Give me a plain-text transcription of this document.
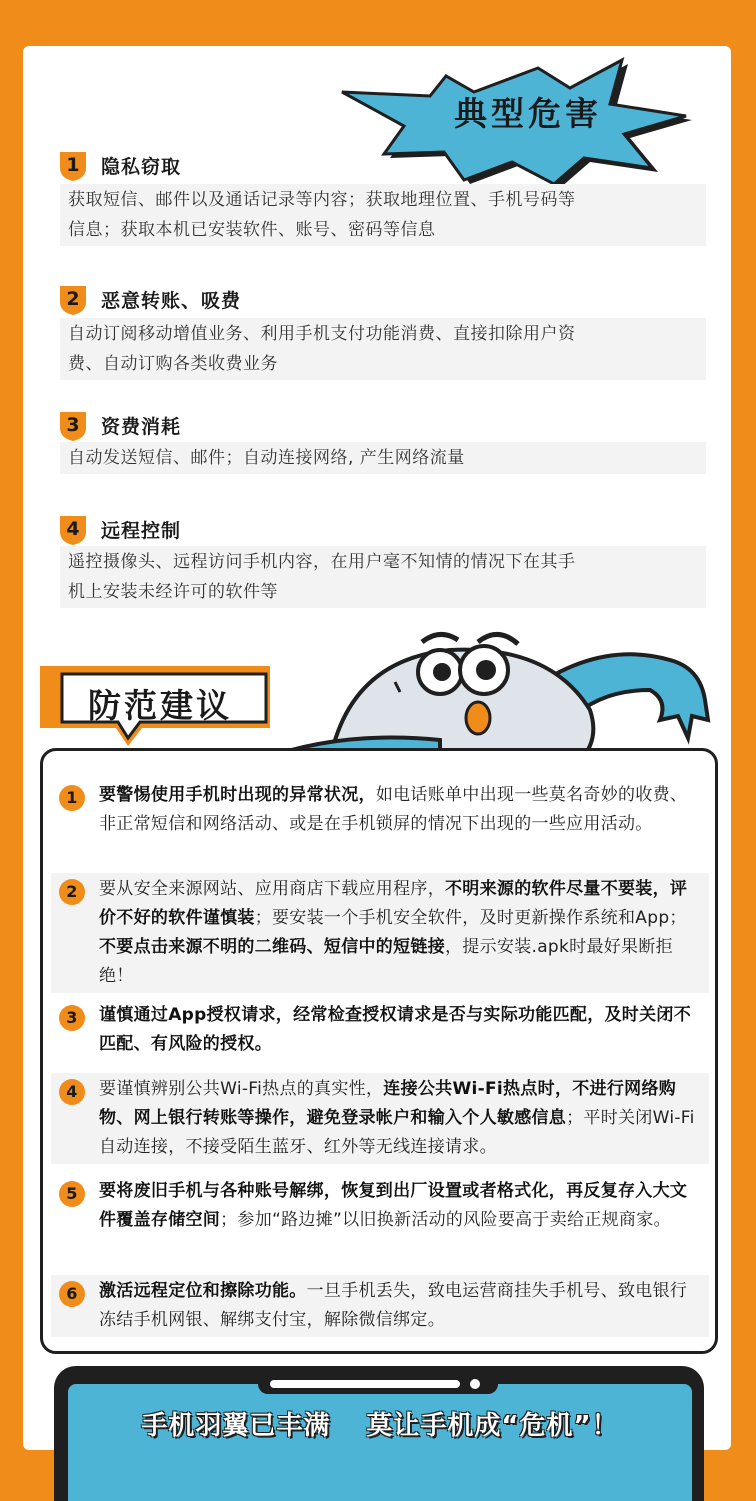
典型危害
1	隐私窃取
获取短信、邮件以及通话记录等内容；获取地理位置、手机号码等
信息；获取本机已安装软件、账号、密码等信息
2	恶意转账、吸费
自动订阅移动增值业务、利用手机支付功能消费、直接扣除用户资
费、自动订购各类收费业务
3	资费消耗
自动发送短信、邮件；自动连接网络, 产生网络流量
4	远程控制
遥控摄像头、远程访问手机内容，在用户毫不知情的情况下在其手
机上安装未经许可的软件等
防范建议
1	要警惕使用手机时出现的异常状况，如电话账单中出现一些莫名奇妙的收费、非正常短信和网络活动、或是在手机锁屏的情况下出现的一些应用活动。
2	要从安全来源网站、应用商店下载应用程序，不明来源的软件尽量不要装，评价不好的软件谨慎装；要安装一个手机安全软件，及时更新操作系统和App；不要点击来源不明的二维码、短信中的短链接，提示安装.apk时最好果断拒绝！
3	谨慎通过App授权请求，经常检查授权请求是否与实际功能匹配，及时关闭不匹配、有风险的授权。
4	要谨慎辨别公共Wi-Fi热点的真实性，连接公共Wi-Fi热点时，不进行网络购物、网上银行转账等操作，避免登录帐户和输入个人敏感信息；平时关闭Wi-Fi自动连接，不接受陌生蓝牙、红外等无线连接请求。
5	要将废旧手机与各种账号解绑，恢复到出厂设置或者格式化，再反复存入大文件覆盖存储空间；参加“路边摊”以旧换新活动的风险要高于卖给正规商家。
6	激活远程定位和擦除功能。一旦手机丢失，致电运营商挂失手机号、致电银行冻结手机网银、解绑支付宝，解除微信绑定。
手机羽翼已丰满 莫让手机成“危机”！
